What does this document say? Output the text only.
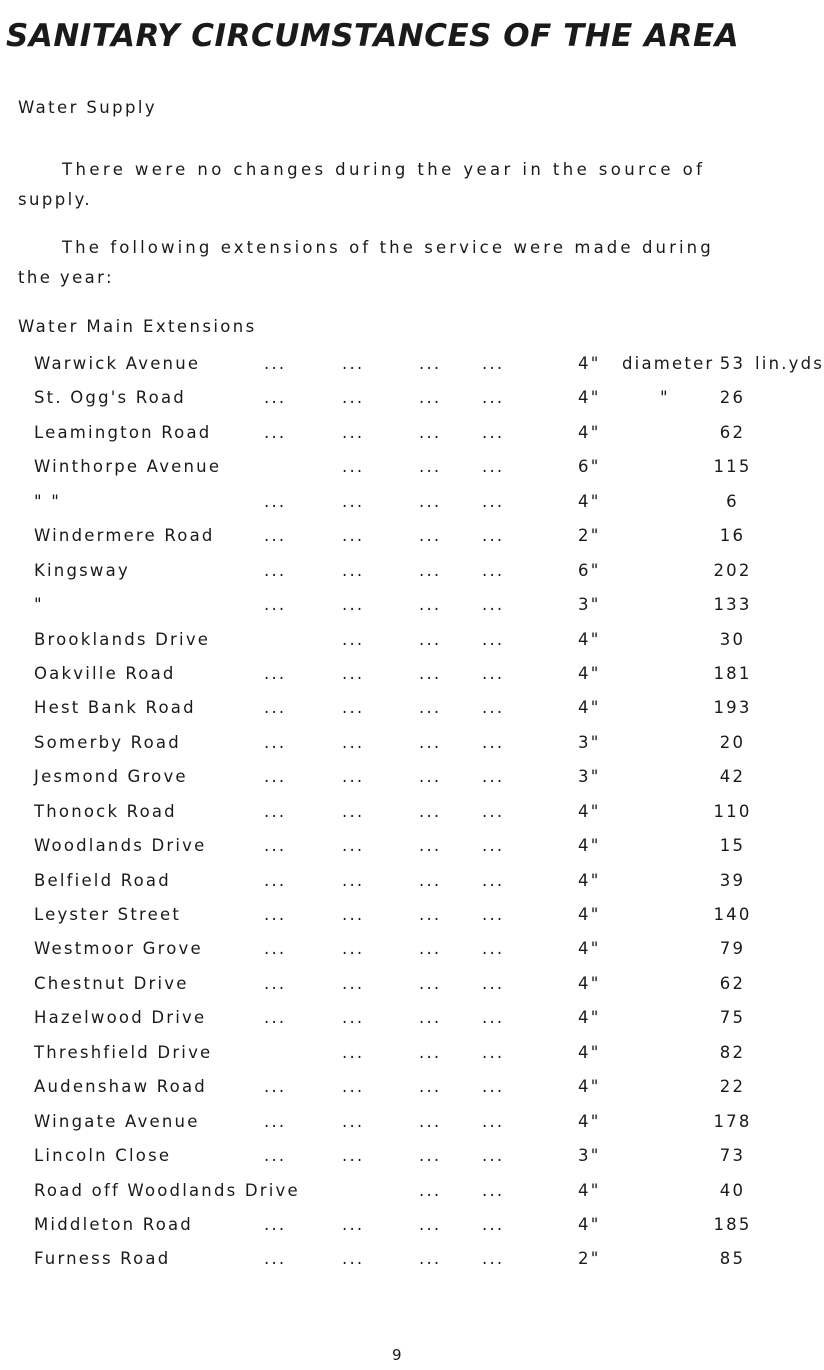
SANITARY CIRCUMSTANCES OF THE AREA
Water Supply
There were no changes during the year in the source of
supply.
The following extensions of the service were made during
the year:
Water Main Extensions
Warwick Avenue	...	...	... ...	4"	diameter 53 lin.yds
St. Ogg's Road	...	...	... ...	4"	"	26
Leamington Road	...	...	... ...	4"	62
Winthorpe Avenue	...	... ...	6"	115
" "	...	...	... ...	4"	6
Windermere Road	...	...	... ...	2"	16
Kingsway	...	...	... ...	6"	202
"	...	...	... ...	3"	133
Brooklands Drive	...	... ...	4"	30
Oakville Road	...	...	... ...	4"	181
Hest Bank Road	...	...	... ...	4"	193
Somerby Road	...	...	... ...	3"	20
Jesmond Grove	...	...	... ...	3"	42
Thonock Road	...	...	... ...	4"	110
Woodlands Drive	...	...	... ...	4"	15
Belfield Road	...	...	... ...	4"	39
Leyster Street	...	...	... ...	4"	140
Westmoor Grove	...	...	... ...	4"	79
Chestnut Drive	...	...	... ...	4"	62
Hazelwood Drive	...	...	... ...	4"	75
Threshfield Drive	...	... ...	4"	82
Audenshaw Road	...	...	... ...	4"	22
Wingate Avenue	...	...	... ...	4"	178
Lincoln Close	...	...	... ...	3"	73
Road off Woodlands Drive	... ...	4"	40
Middleton Road	...	...	... ...	4"	185
Furness Road	...	...	... ...	2"	85
9
